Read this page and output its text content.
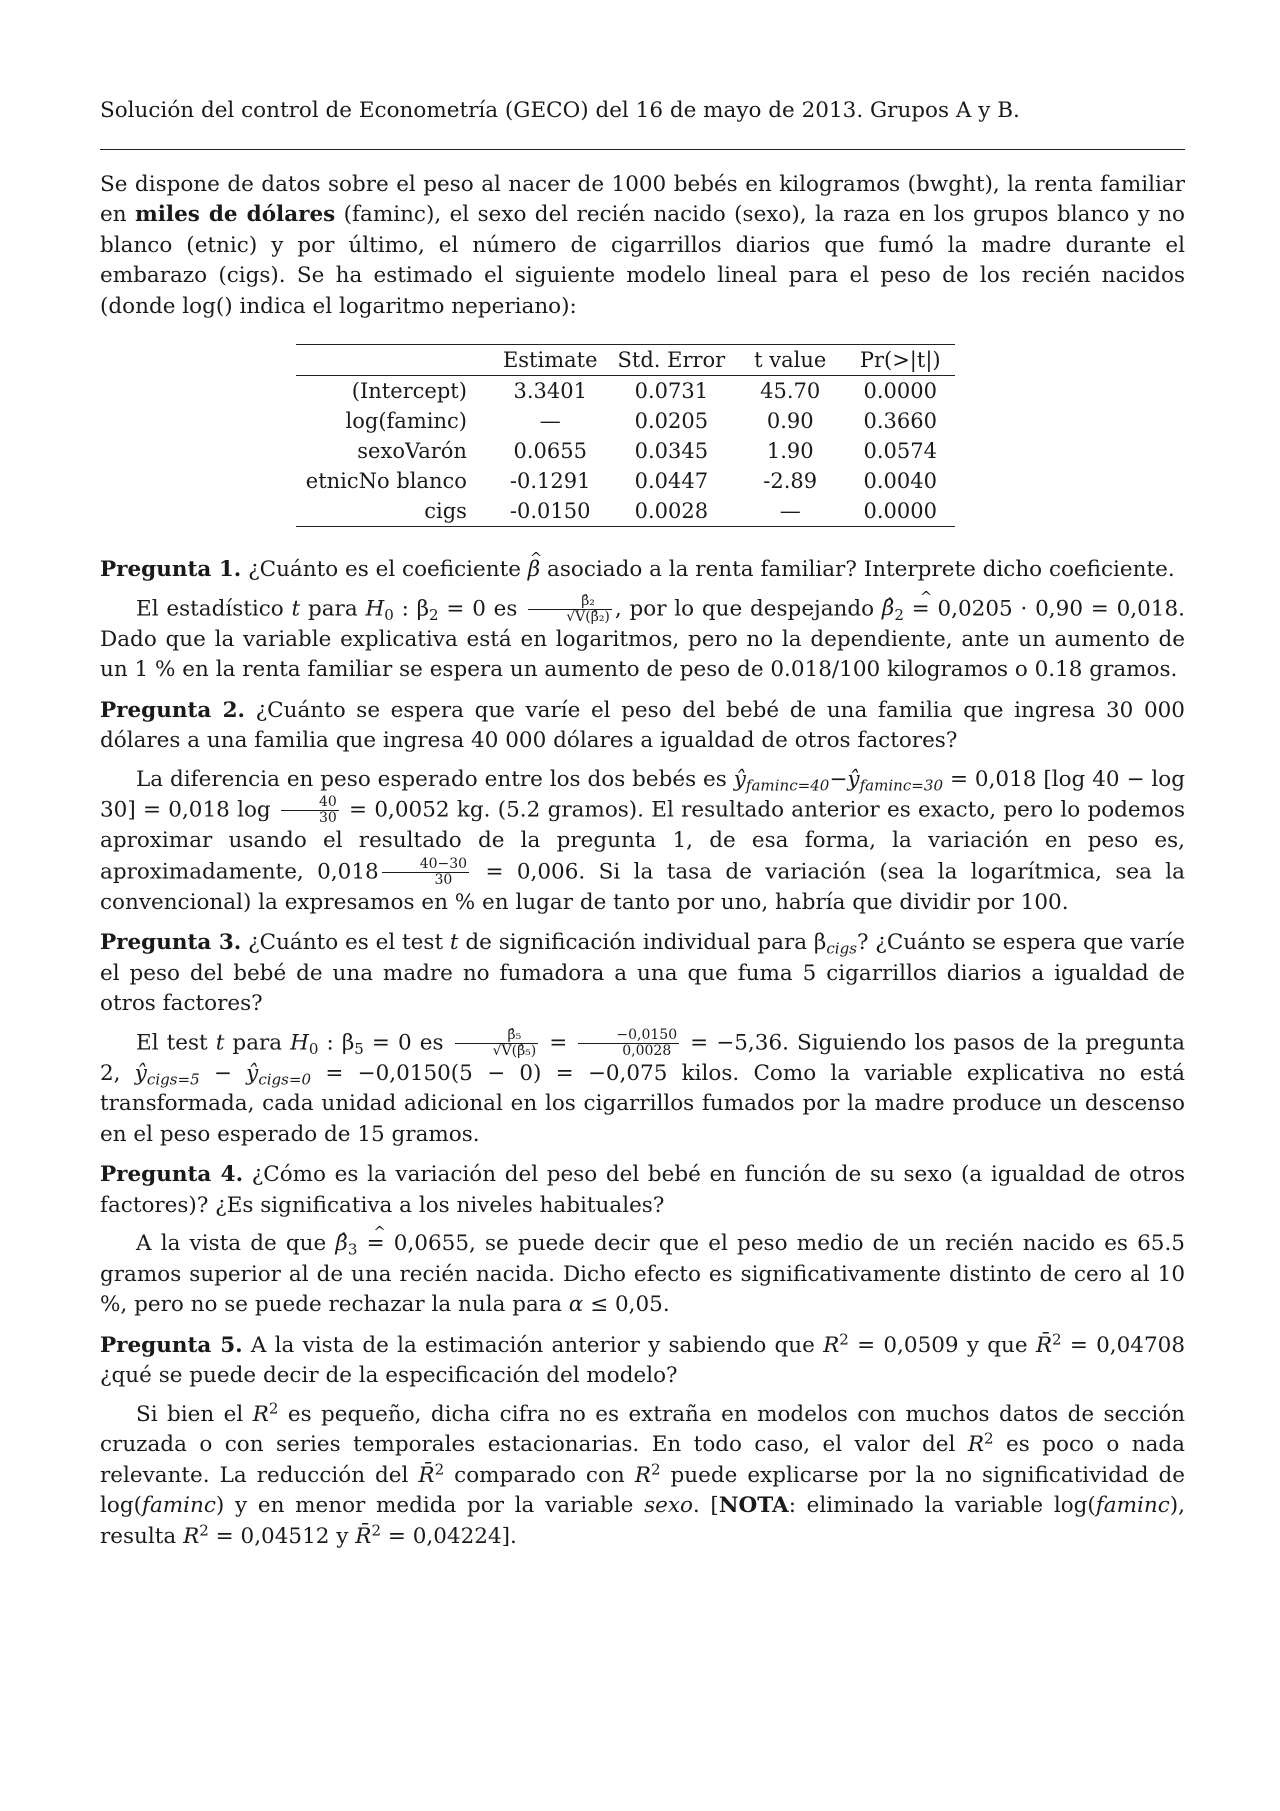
Solución del control de Econometría (GECO) del 16 de mayo de 2013. Grupos A y B.

Se dispone de datos sobre el peso al nacer de 1000 bebés en kilogramos (bwght), la renta familiar en miles de dólares (faminc), el sexo del recién nacido (sexo), la raza en los grupos blanco y no blanco (etnic) y por último, el número de cigarrillos diarios que fumó la madre durante el embarazo (cigs). Se ha estimado el siguiente modelo lineal para el peso de los recién nacidos (donde log() indica el logaritmo neperiano):

	Estimate	Std. Error	t value	Pr(>|t|)
(Intercept)	3.3401	0.0731	45.70	0.0000
log(faminc)	—	0.0205	0.90	0.3660
sexoVarón	0.0655	0.0345	1.90	0.0574
etnicNo blanco	-0.1291	0.0447	-2.89	0.0040
cigs	-0.0150	0.0028	—	0.0000

Pregunta 1. ¿Cuánto es el coeficiente β ^ asociado a la renta familiar? Interprete dicho coeficiente.

El estadístico t para $H_0$ : $\beta_2 = 0$ es $\frac{\text{β̂₂}}{\text{√V(β̂₂)}}$ , por lo que despejando β̂ $\^{}_2 = 0,0205 \cdot 0,90 = 0,018$. Dado que la variable explicativa está en logaritmos, pero no la dependiente, ante un aumento de un 1 % en la renta familiar se espera un aumento de peso de 0.018/100 kilogramos o 0.18 gramos.

Pregunta 2. ¿Cuánto se espera que varíe el peso del bebé de una familia que ingresa 30 000 dólares a una familia que ingresa 40 000 dólares a igualdad de otros factores?

La diferencia en peso esperado entre los dos bebés es $ŷ_{faminc=40}-ŷ_{faminc=30} = 0,018$ [log 40 − log 30] = 0,018 $\log \frac{40}{30} = 0,0052$ kg. (5.2 gramos). El resultado anterior es exacto, pero lo podemos aproximar usando el resultado de la pregunta 1, de esa forma, la variación en peso es, aproximadamente, $0,018 \frac{40-30}{30} = 0,006$. Si la tasa de variación (sea la logarítmica, sea la convencional) la expresamos en % en lugar de tanto por uno, habría que dividir por 100.

Pregunta 3. ¿Cuánto es el test t de significación individual para $\beta_{cigs}$? ¿Cuánto se espera que varíe el peso del bebé de una madre no fumadora a una que fuma 5 cigarrillos diarios a igualdad de otros factores?

El test t para $H_0$ : $\beta_5 = 0$ es $\frac{\text{β̂₅}}{\text{√V(β̂₅)}} = \frac{-0,0150}{0,0028} = -5,36$. Siguiendo los pasos de la pregunta 2, $ŷ_{cigs=5}$ − $ŷ_{cigs=0} = -0,0150(5 - 0) = -0,075$ kilos. Como la variable explicativa no está transformada, cada unidad adicional en los cigarrillos fumados por la madre produce un descenso en el peso esperado de 15 gramos.

Pregunta 4. ¿Cómo es la variación del peso del bebé en función de su sexo (a igualdad de otros factores)? ¿Es significativa a los niveles habituales?

A la vista de que β̂ $\^{}_3 = 0,0655$, se puede decir que el peso medio de un recién nacido es 65.5 gramos superior al de una recién nacida. Dicho efecto es significativamente distinto de cero al 10 %, pero no se puede rechazar la nula para α ≤ 0,05.

Pregunta 5. A la vista de la estimación anterior y sabiendo que $R^2 = 0,0509$ y que R̄$^2$ = 0,04708 ¿qué se puede decir de la especificación del modelo?

Si bien el $R^2$ es pequeño, dicha cifra no es extraña en modelos con muchos datos de sección cruzada o con series temporales estacionarias. En todo caso, el valor del $R^2$ es poco o nada relevante. La reducción del R̄$^2$ comparado con $R^2$ puede explicarse por la no significatividad de log(faminc) y en menor medida por la variable sexo. [NOTA: eliminado la variable log(faminc), resulta $R^2 = 0,04512$ y R̄$^2$ = 0,04224].
